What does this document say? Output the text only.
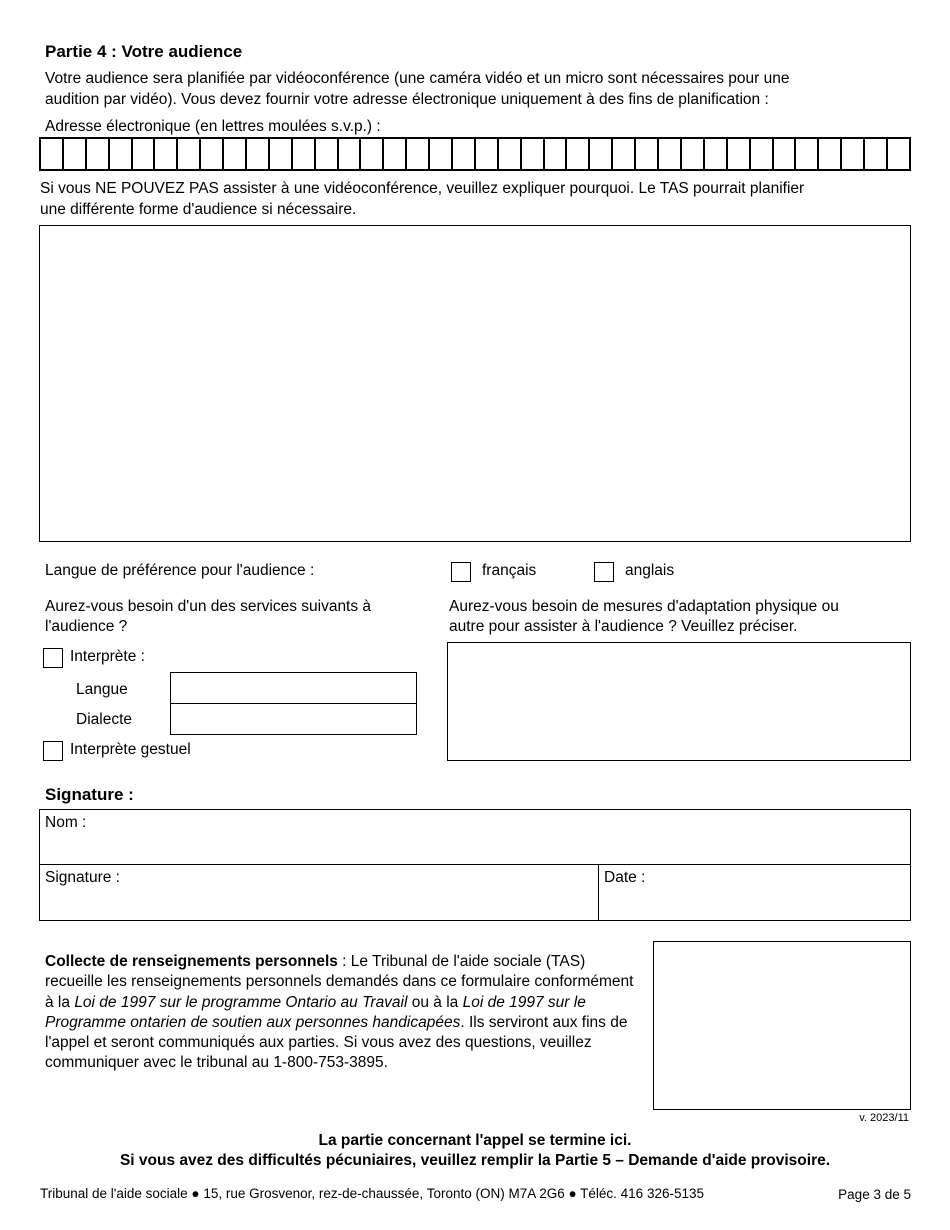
Partie 4 : Votre audience
Votre audience sera planifiée par vidéoconférence (une caméra vidéo et un micro sont nécessaires pour une
audition par vidéo). Vous devez fournir votre adresse électronique uniquement à des fins de planification :
Adresse électronique (en lettres moulées s.v.p.) :
Si vous NE POUVEZ PAS assister à une vidéoconférence, veuillez expliquer pourquoi. Le TAS pourrait planifier
une différente forme d'audience si nécessaire.
Langue de préférence pour l'audience :	français	anglais
Aurez-vous besoin d'un des services suivants à
l'audience ?
Interprète :
Langue
Dialecte
Interprète gestuel
Aurez-vous besoin de mesures d'adaptation physique ou
autre pour assister à l'audience ? Veuillez préciser.
Signature :
Nom :
Signature :	Date :
Collecte de renseignements personnels : Le Tribunal de l'aide sociale (TAS) recueille les renseignements personnels demandés dans ce formulaire conformément à la Loi de 1997 sur le programme Ontario au Travail ou à la Loi de 1997 sur le Programme ontarien de soutien aux personnes handicapées. Ils serviront aux fins de l'appel et seront communiqués aux parties. Si vous avez des questions, veuillez communiquer avec le tribunal au 1-800-753-3895.
v. 2023/11
La partie concernant l'appel se termine ici.
Si vous avez des difficultés pécuniaires, veuillez remplir la Partie 5 – Demande d'aide provisoire.
Tribunal de l'aide sociale ● 15, rue Grosvenor, rez-de-chaussée, Toronto (ON) M7A 2G6 ● Téléc. 416 326-5135	Page 3 de 5
